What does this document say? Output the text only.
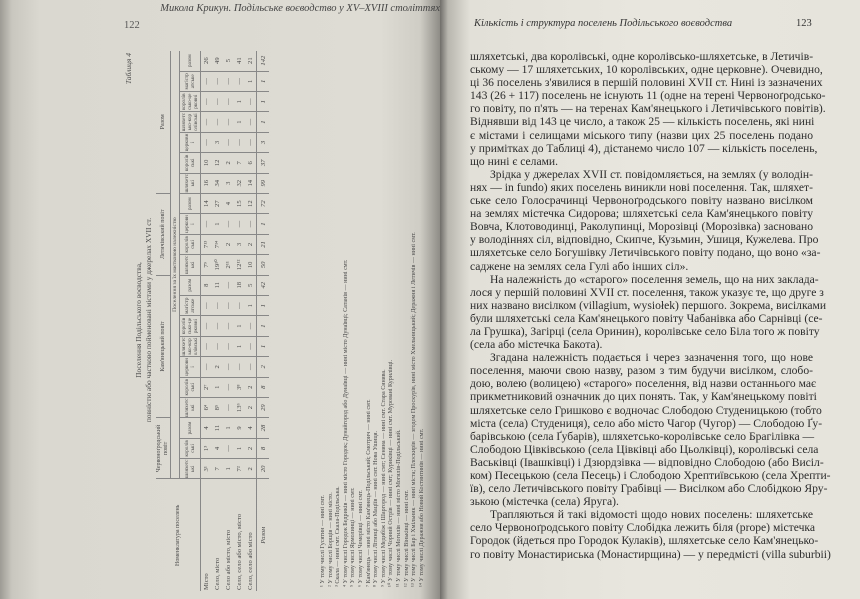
Микола Крикун. Подільське воєводство у XV–XVIII століттях
122
Таблиця 4
Поселення Подільського воєводства, повністю або частково пойменовані містами у джерелах XVII ст.
Номенклатура поселень	Червоноґродський повіт			Кам'янецький повіт							Летичівський повіт				Разом						
	Поселення за їх маєтковою належністю																				
	шляхетські	королівські	разом	шляхетські	королівські	церковні	шляхетсько-королівські	королівсько-церковні	магістратське	разом	шляхетські	королівські	церковні	разом	шляхетські	королівські	церковні	шляхетсько-королівські	королівсько-церковні	магістратське	разом
Місто	3¹	1³	4	6⁴	2⁷	—	—	—	—	8	7⁹	7¹³	—	14	16	10	—	—	—	—	26
Село, місто	7	4	11	8⁵	1	2	—	—	—	11	19¹⁰	7¹⁴	1	27	34	12	3	—	—	—	49
Село або місто, місто	1	—	1	—	—	—	—	—	—	—	2¹¹	2	—	4	3	2	—	—	—	—	5
Село, село або місто, місто	7²	1	9	13⁶	3⁸	—	1	1	—	18	12¹²	3	—	15	32	7	—	1	1	—	41
Село, село або місто	2	2	4	2	2	—	—	—	1	5	10	2	—	12	14	6	—	—	—	1	21
Разом	20	8	28	29	8	2	1	1	1	42	50	21	1	72	99	37	3	1	1	1	142
¹ У тому числі Гусятин — нині смт. ² У тому числі Борщів — нині місто. ³ Скала — нині смт. Скала-Подільська. ⁴ У тому числі Городок Бедриків — нині місто Городок; Дунайгород або Дунаївці — нині місто Дунаївці; Сатанів — нині смт. ⁵ У тому числі Ярмолинці — нині смт. ⁶ У тому числі Чемерівці — нині смт. ⁷ Кам'янець — нині місто Кам'янець-Подільський; Смотрич — нині смт. ⁸ У тому числі Літинці або Маціїв — нині смт. Нова Ушиця. ⁹ У тому числі Медибіж і Шаргород — нині смт; Сеняна — нині смт. Стара Синява. ¹⁰ У тому числі Чорний Острів — нині смт; Куриківці — нині смт. Муровані Курилівці. ¹¹ У тому числі Могилів — нині місто Могилів-Подільський. ¹² У тому числі Віньківці — нині смт. ¹³ У тому числі Бар і Хмільник — нині міста; Плоскирів — згодом Проскурів, нині місто Хмельницький; Деражня і Летичів — нині смт. ¹⁴ У тому числі Деражня або Новий Костянтинів — нині смт.
Кількість і структура поселень Подільського воєводства	123
шляхетські, два королівські, одне королівсько-шляхетське, в Летичів-
ському — 17 шляхетських, 10 королівських, одне церковне). Очевидно,
ці 36 поселень з'явилися в першій половині XVII ст. Нині із зазначених
143 (26 + 117) поселень не існують 11 (одне на терені Червоноґродсько-
го повіту, по п'ять — на теренах Кам'янецького і Летичівського повітів).
Віднявши від 143 це число, а також 25 — кількість поселень, які нині
є містами і селищами міського типу (назви цих 25 поселень подано
у примітках до Таблиці 4), дістанемо число 107 — кількість поселень,
що нині є селами.
Зрідка у джерелах XVII ст. повідомляється, на землях (у володін-
нях — in fundo) яких поселень виникли нові поселення. Так, шляхет-
ське село Голосрачинці Червоноґродського повіту названо висілком
на землях містечка Сидорова; шляхетські села Кам'янецького повіту
Вовча, Клотоводинці, Раколупинці, Морозівці (Морозівка) засновано
у володіннях сіл, відповідно, Скипче, Кузьмин, Ушиця, Кужелева. Про
шляхетське село Богушівку Летичівського повіту подано, що воно «за-
саджене на землях села Гулі або інших сіл».
На належність до «старого» поселення земель, що на них заклада-
лося у першій половині XVII ст. поселення, також указує те, що друге з
них названо висілком (villagium, wysiołek) першого. Зокрема, висілками
були шляхетські села Кам'янецького повіту Чабанівка або Сарнівці (се-
ла Грушка), Загірці (села Оринин), королівське село Біла того ж повіту
(села або містечка Бакота).
Згадана належність подається і через зазначення того, що нове
поселення, маючи свою назву, разом з тим будучи висілком, слобо-
дою, волею (волицею) «старого» поселення, від назви останнього має
прикметниковий означник до цих понять. Так, у Кам'янецькому повіті
шляхетське село Гришково є водночас Слободою Студеницькою (тобто
міста (села) Студениця), село або місто Чагор (Чугор) — Слободою Ґу-
барівською (села Ґубарів), шляхетсько-королівське село Брагілівка —
Слободою Цівківською (села Цівківці або Цьолківці), королівські села
Васьківці (Івашківці) і Дзюрдзівка — відповідно Слободою (або Висіл-
ком) Песецькою (села Песець) і Слободою Хрептиївською (села Хрепти-
їв), село Летичівського повіту Грабівці — Висілком або Слобідкою Яру-
зькою (містечка (села) Яруга).
Трапляються й такі відомості щодо нових поселень: шляхетське
село Червоноґродського повіту Слобідка лежить біля (prope) містечка
Городок (йдеться про Городок Кулаків), шляхетське село Кам'янецько-
го повіту Монастириська (Монастирщина) — у передмісті (villa suburbii)
